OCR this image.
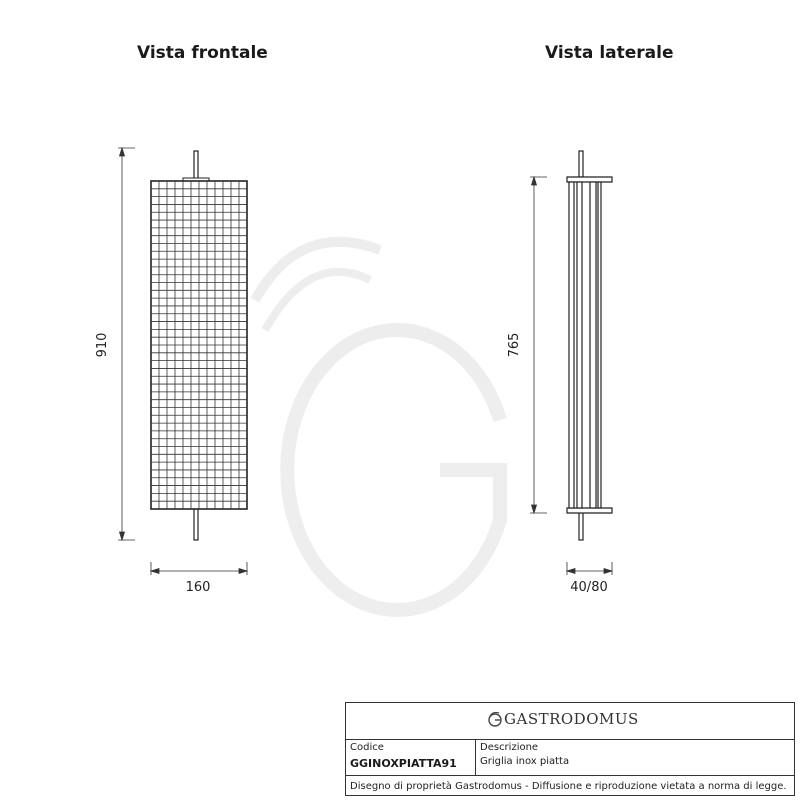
Vista frontale	Vista laterale
910
160
765
40/80
GASTRODOMUS
Codice
GGINOXPIATTA91
Descrizione
Griglia inox piatta
Disegno di proprietà Gastrodomus - Diffusione e riproduzione vietata a norma di legge.
